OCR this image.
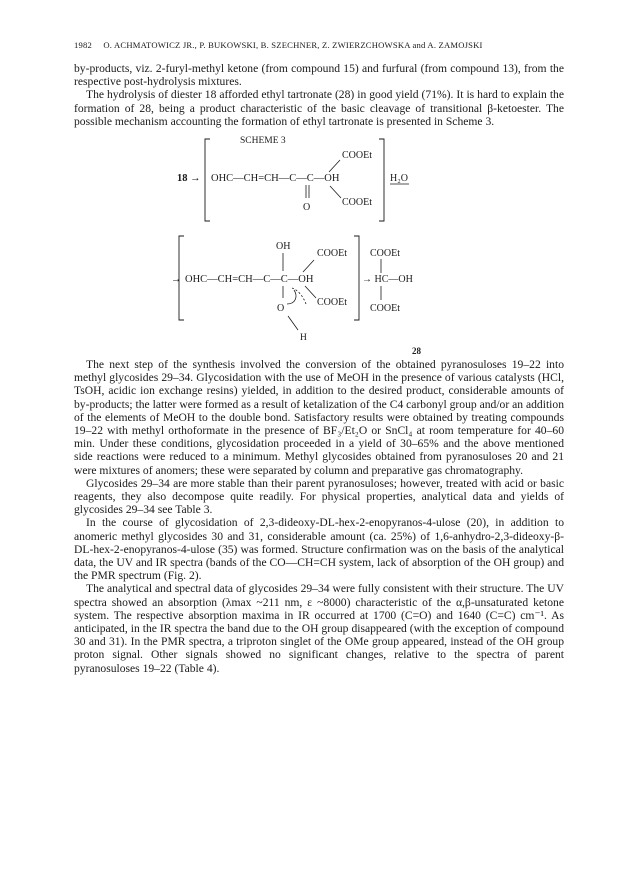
1982 O. ACHMATOWICZ JR., P. BUKOWSKI, B. SZECHNER, Z. ZWIERZCHOWSKA and A. ZAMOJSKI

by-products, viz. 2-furyl-methyl ketone (from compound 15) and furfural (from compound 13), from the respective post-hydrolysis mixtures.

The hydrolysis of diester 18 afforded ethyl tartronate (28) in good yield (71%). It is hard to explain the formation of 28, being a product characteristic of the basic cleavage of transitional β-ketoester. The possible mechanism accounting the formation of ethyl tartronate is presented in Scheme 3.

SCHEME 3
18 → OHC—CH=CH—C—C—OH
COOEt
COOEt
O
H₂O
→ OHC—CH=CH—C—C—OH
OH
COOEt
COOEt
O
H
COOEt
→ HC—OH
COOEt
28

The next step of the synthesis involved the conversion of the obtained pyranosuloses 19–22 into methyl glycosides 29–34. Glycosidation with the use of MeOH in the presence of various catalysts (HCl, TsOH, acidic ion exchange resins) yielded, in addition to the desired product, considerable amounts of by-products; the latter were formed as a result of ketalization of the C4 carbonyl group and/or an addition of the elements of MeOH to the double bond. Satisfactory results were obtained by treating compounds 19–22 with methyl orthoformate in the presence of BF₃/Et₂O or SnCl₄ at room temperature for 40–60 min. Under these conditions, glycosidation proceeded in a yield of 30–65% and the above mentioned side reactions were reduced to a minimum. Methyl glycosides obtained from pyranosuloses 20 and 21 were mixtures of anomers; these were separated by column and preparative gas chromatography.

Glycosides 29–34 are more stable than their parent pyranosuloses; however, treated with acid or basic reagents, they also decompose quite readily. For physical properties, analytical data and yields of glycosides 29–34 see Table 3.

In the course of glycosidation of 2,3-dideoxy-DL-hex-2-enopyranos-4-ulose (20), in addition to anomeric methyl glycosides 30 and 31, considerable amount (ca. 25%) of 1,6-anhydro-2,3-dideoxy-β-DL-hex-2-enopyranos-4-ulose (35) was formed. Structure confirmation was on the basis of the analytical data, the UV and IR spectra (bands of the CO—CH=CH system, lack of absorption of the OH group) and the PMR spectrum (Fig. 2).

The analytical and spectral data of glycosides 29–34 were fully consistent with their structure. The UV spectra showed an absorption (λmax ~211 nm, ε ~8000) characteristic of the α,β-unsaturated ketone system. The respective absorption maxima in IR occurred at 1700 (C=O) and 1640 (C=C) cm⁻¹. As anticipated, in the IR spectra the band due to the OH group disappeared (with the exception of compound 30 and 31). In the PMR spectra, a triproton singlet of the OMe group appeared, instead of the OH group proton signal. Other signals showed no significant changes, relative to the spectra of parent pyranosuloses 19–22 (Table 4).
